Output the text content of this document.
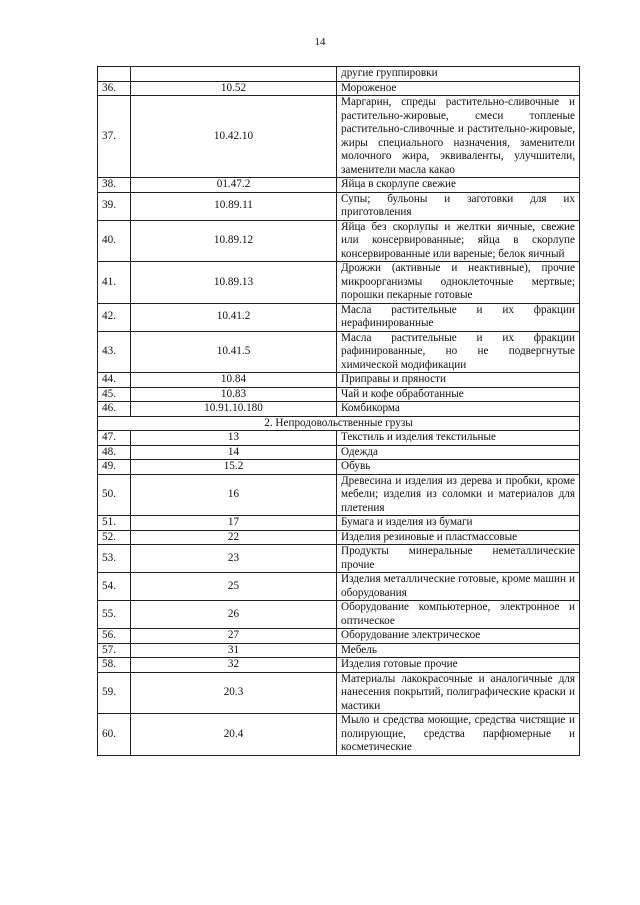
14
		другие группировки
36.	10.52	Мороженое
37.	10.42.10	Маргарин, спреды растительно-сливочные и растительно-жировые, смеси топленые растительно-сливочные и растительно-жировые, жиры специального назначения, заменители молочного жира, эквиваленты, улучшители, заменители масла какао
38.	01.47.2	Яйца в скорлупе свежие
39.	10.89.11	Супы; бульоны и заготовки для их приготовления
40.	10.89.12	Яйца без скорлупы и желтки яичные, свежие или консервированные; яйца в скорлупе консервированные или вареные; белок яичный
41.	10.89.13	Дрожжи (активные и неактивные), прочие микроорганизмы одноклеточные мертвые; порошки пекарные готовые
42.	10.41.2	Масла растительные и их фракции нерафинированные
43.	10.41.5	Масла растительные и их фракции рафинированные, но не подвергнутые химической модификации
44.	10.84	Приправы и пряности
45.	10.83	Чай и кофе обработанные
46.	10.91.10.180	Комбикорма
2. Непродовольственные грузы		
47.	13	Текстиль и изделия текстильные
48.	14	Одежда
49.	15.2	Обувь
50.	16	Древесина и изделия из дерева и пробки, кроме мебели; изделия из соломки и материалов для плетения
51.	17	Бумага и изделия из бумаги
52.	22	Изделия резиновые и пластмассовые
53.	23	Продукты минеральные неметаллические прочие
54.	25	Изделия металлические готовые, кроме машин и оборудования
55.	26	Оборудование компьютерное, электронное и оптическое
56.	27	Оборудование электрическое
57.	31	Мебель
58.	32	Изделия готовые прочие
59.	20.3	Материалы лакокрасочные и аналогичные для нанесения покрытий, полиграфические краски и мастики
60.	20.4	Мыло и средства моющие, средства чистящие и полирующие, средства парфюмерные и косметические
